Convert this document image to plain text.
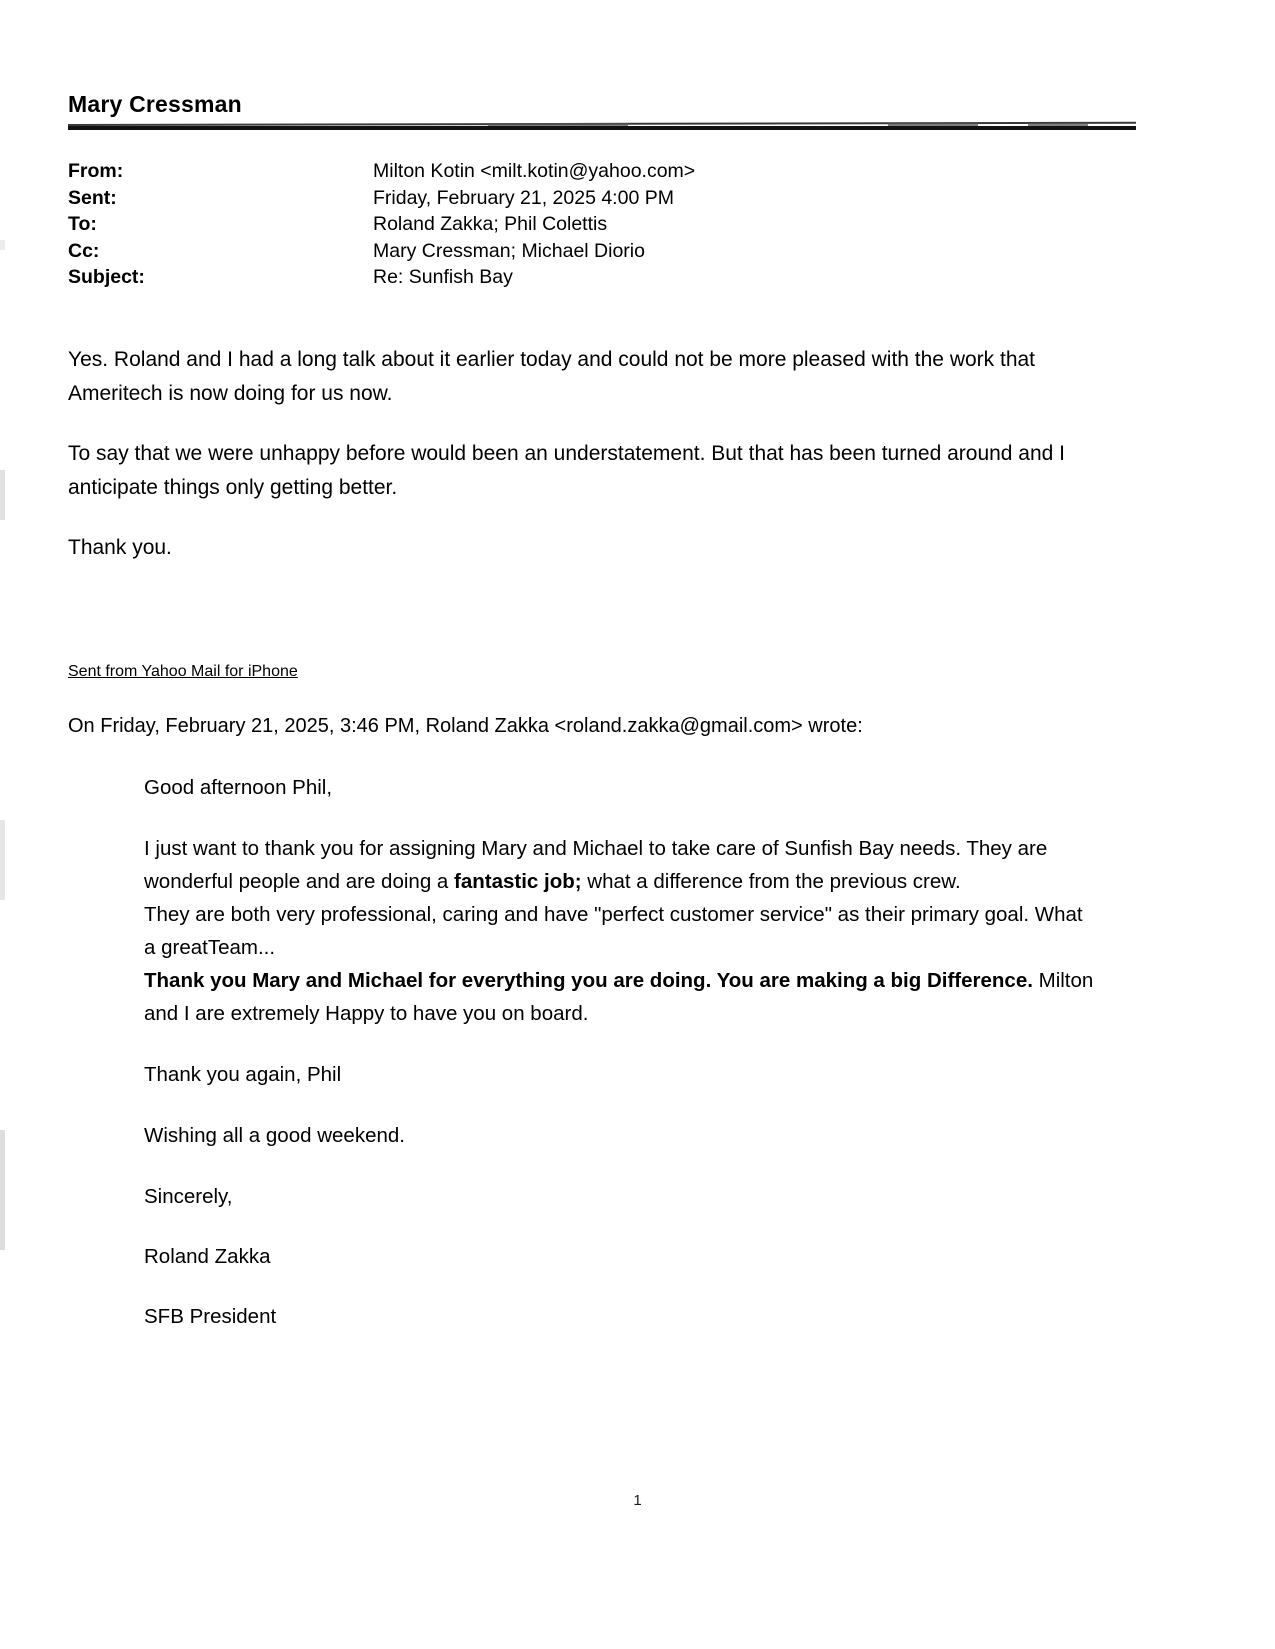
Mary Cressman
From:	Milton Kotin <milt.kotin@yahoo.com>
Sent:	Friday, February 21, 2025 4:00 PM
To:	Roland Zakka; Phil Colettis
Cc:	Mary Cressman; Michael Diorio
Subject:	Re: Sunfish Bay

Yes. Roland and I had a long talk about it earlier today and could not be more pleased with the work that Ameritech is now doing for us now.

To say that we were unhappy before would been an understatement. But that has been turned around and I anticipate things only getting better.

Thank you.

Sent from Yahoo Mail for iPhone
On Friday, February 21, 2025, 3:46 PM, Roland Zakka <roland.zakka@gmail.com> wrote:

Good afternoon Phil,

I just want to thank you for assigning Mary and Michael to take care of Sunfish Bay needs. They are wonderful people and are doing a fantastic job; what a difference from the previous crew.

They are both very professional, caring and have "perfect customer service" as their primary goal. What a greatTeam...

Thank you Mary and Michael for everything you are doing. You are making a big Difference. Milton and I are extremely Happy to have you on board.

Thank you again, Phil

Wishing all a good weekend.

Sincerely,

Roland Zakka

SFB President

1
